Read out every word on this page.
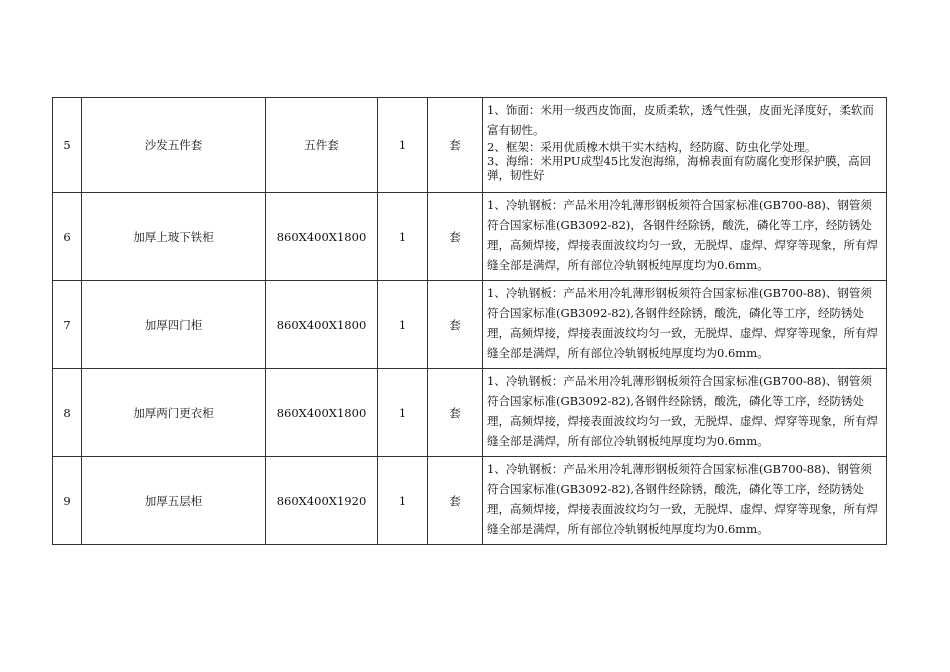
5	沙发五件套	五件套	1	套	1、饰面：米用一级西皮饰面，皮质柔软，透气性强，皮面光泽度好，柔软而富有韧性。
2、框架：采用优质橡木烘干实木结构，经防腐、防虫化学处理。
3、海绵：米用PU成型45比发泡海绵，海棉表面有防腐化变形保护膜，高回弹，韧性好

6	加厚上玻下铁柜	860X400X1800	1	套	1、冷轨钢板：产品米用冷轧薄形钢板须符合国家标准(GB700-88)、钢管须符合国家标准(GB3092-82)，各钢件经除锈，酸洗，磷化等工序，经防锈处理，高频焊接，焊接表面波纹均匀一致，无脱焊、虚焊、焊穿等现象，所有焊缝全部是满焊，所有部位冷轨钢板纯厚度均为0.6mm。

7	加厚四门柜	860X400X1800	1	套	1、冷轨钢板：产品米用冷轧薄形钢板须符合国家标准(GB700-88)、钢管须符合国家标准(GB3092-82),各钢件经除锈，酸洗，磷化等工序，经防锈处理，高频焊接，焊接表面波纹均匀一致，无脱焊、虚焊、焊穿等现象，所有焊缝全部是满焊，所有部位冷轨钢板纯厚度均为0.6mm。

8	加厚两门更衣柜	860X400X1800	1	套	1、冷轨钢板：产品米用冷轧薄形钢板须符合国家标准(GB700-88)、钢管须符合国家标准(GB3092-82),各钢件经除锈，酸洗，磷化等工序，经防锈处理，高频焊接，焊接表面波纹均匀一致，无脱焊、虚焊、焊穿等现象，所有焊缝全部是满焊，所有部位冷轨钢板纯厚度均为0.6mm。

9	加厚五层柜	860X400X1920	1	套	1、冷轨钢板：产品米用冷轧薄形钢板须符合国家标准(GB700-88)、钢管须符合国家标准(GB3092-82),各钢件经除锈，酸洗，磷化等工序，经防锈处理，高频焊接，焊接表面波纹均匀一致，无脱焊、虚焊、焊穿等现象，所有焊缝全部是满焊，所有部位冷轨钢板纯厚度均为0.6mm。
